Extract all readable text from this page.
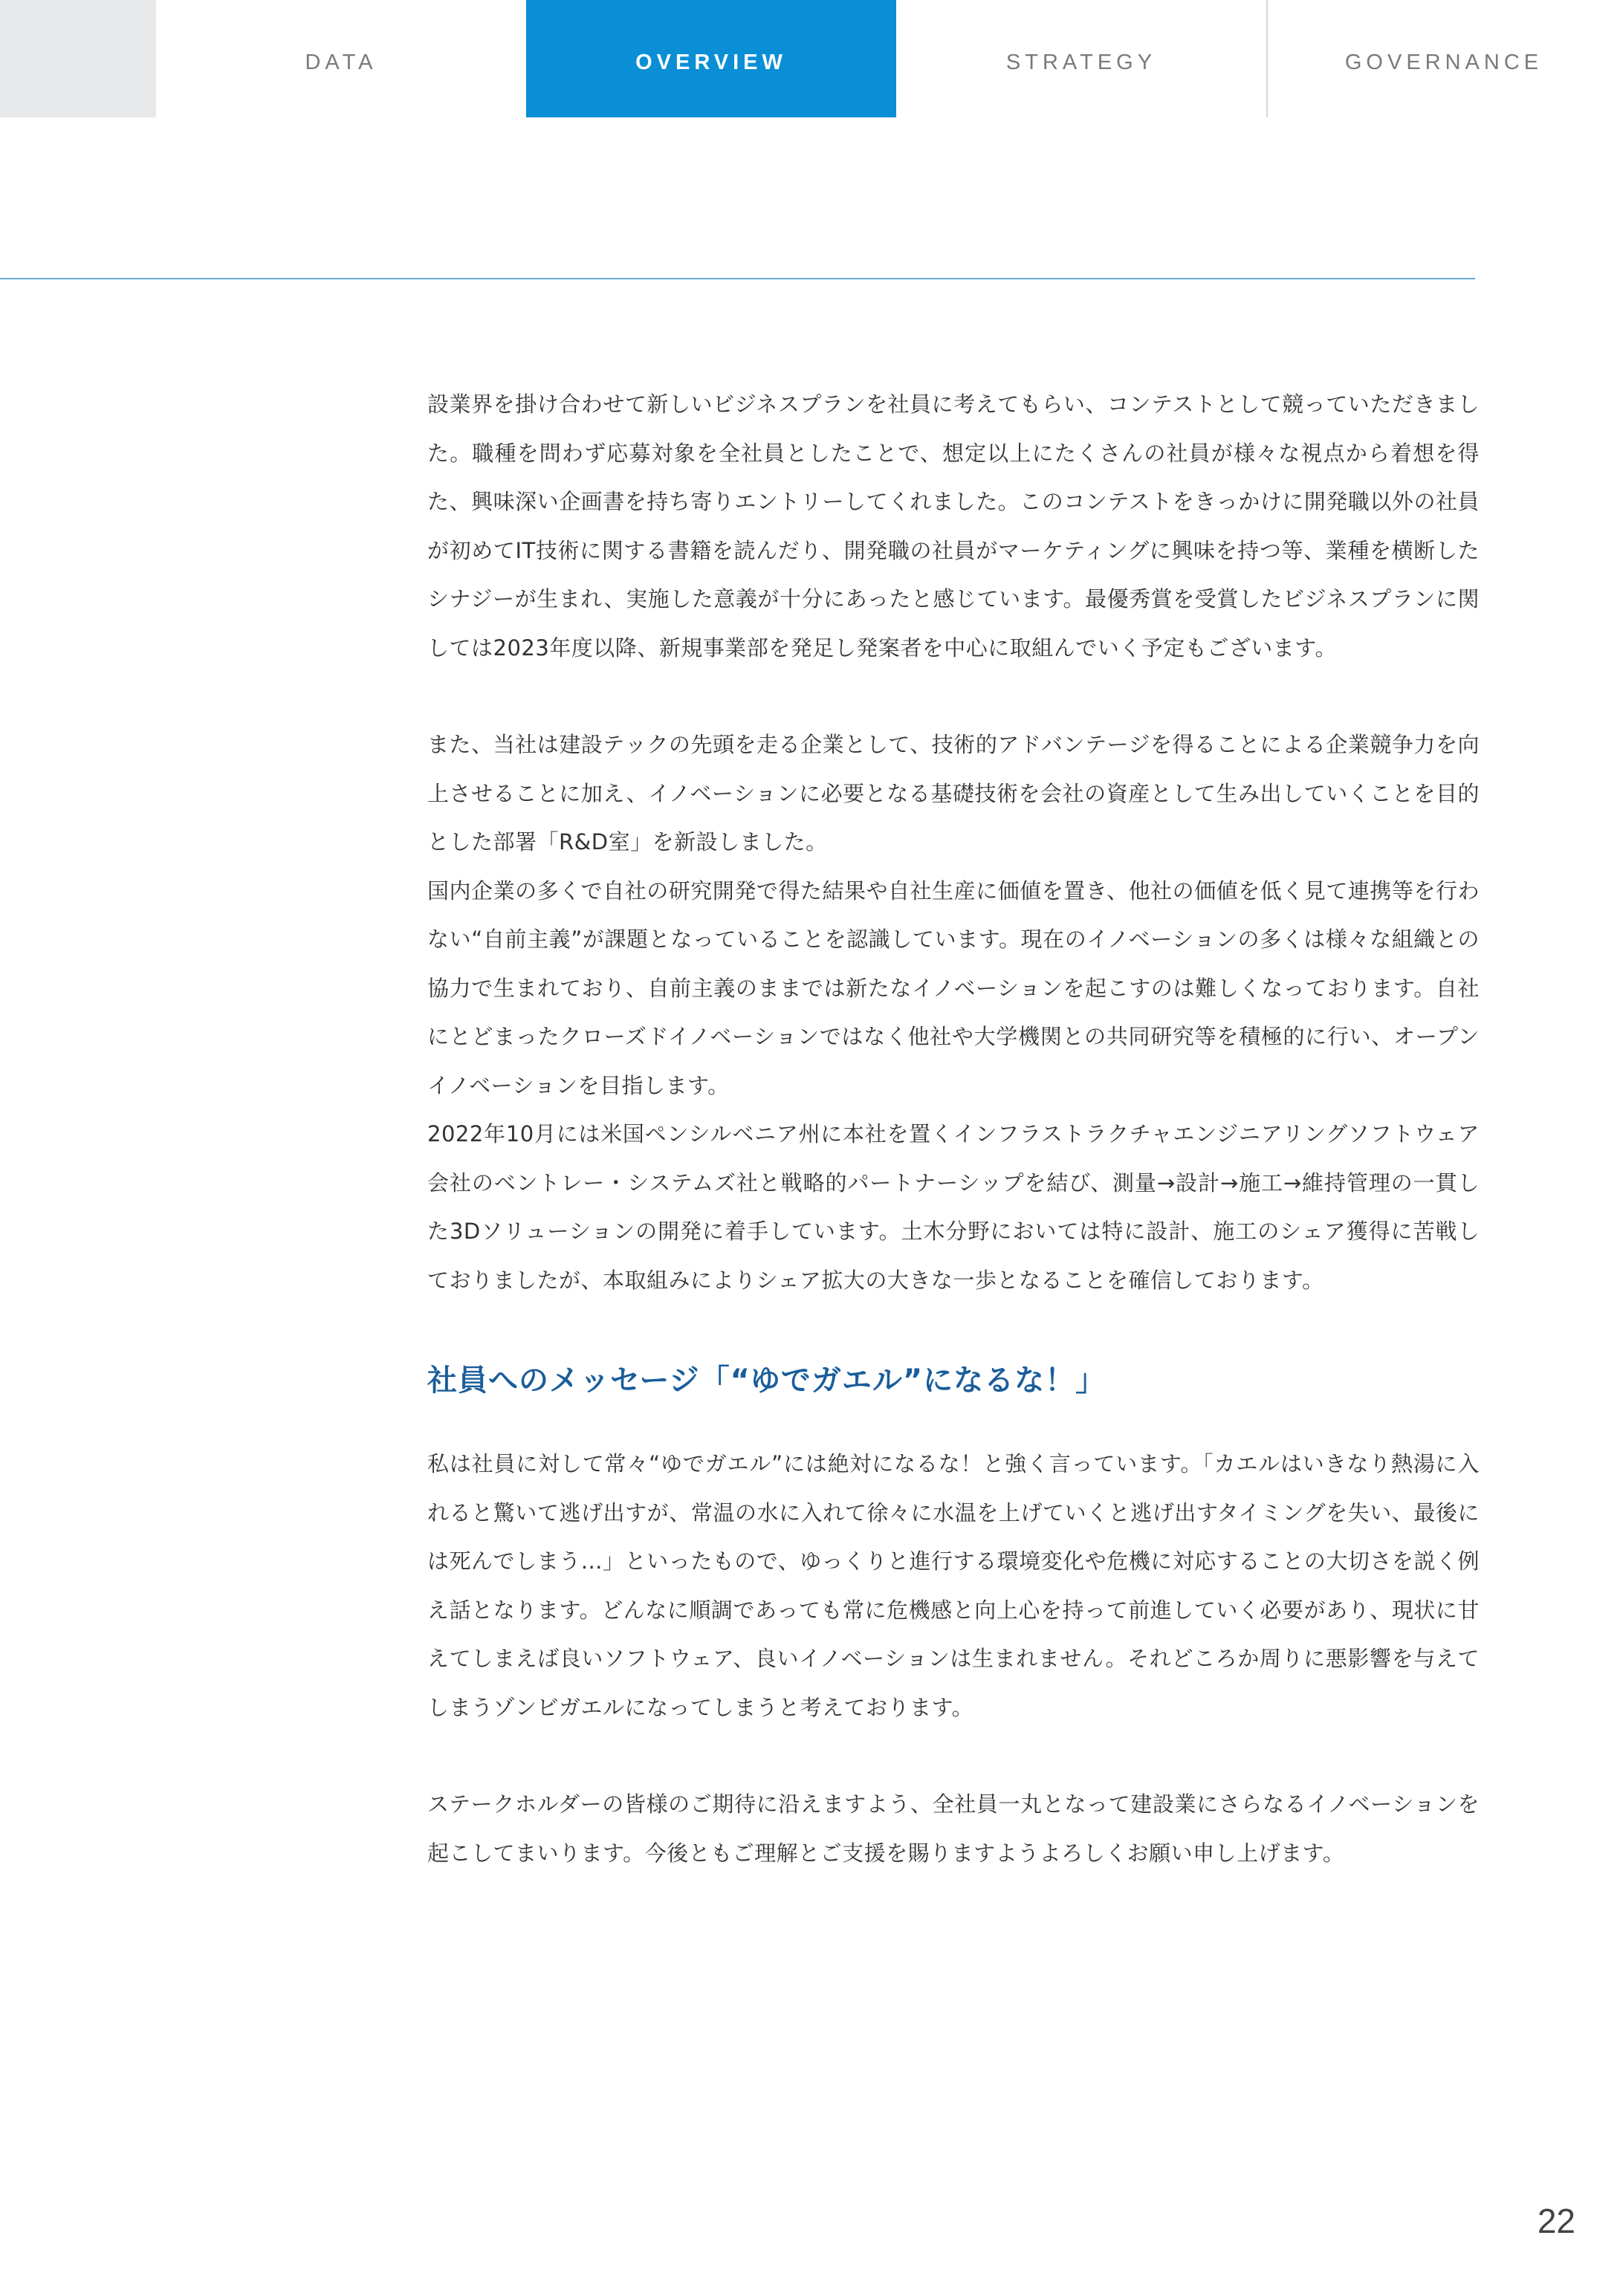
DATA	OVERVIEW	STRATEGY	GOVERNANCE

設業界を掛け合わせて新しいビジネスプランを社員に考えてもらい、コンテストとして競っていただきました。職種を問わず応募対象を全社員としたことで、想定以上にたくさんの社員が様々な視点から着想を得た、興味深い企画書を持ち寄りエントリーしてくれました。このコンテストをきっかけに開発職以外の社員が初めてIT技術に関する書籍を読んだり、開発職の社員がマーケティングに興味を持つ等、業種を横断したシナジーが生まれ、実施した意義が十分にあったと感じています。最優秀賞を受賞したビジネスプランに関しては2023年度以降、新規事業部を発足し発案者を中心に取組んでいく予定もございます。

また、当社は建設テックの先頭を走る企業として、技術的アドバンテージを得ることによる企業競争力を向上させることに加え、イノベーションに必要となる基礎技術を会社の資産として生み出していくことを目的とした部署「R&D室」を新設しました。

国内企業の多くで自社の研究開発で得た結果や自社生産に価値を置き、他社の価値を低く見て連携等を行わない“自前主義”が課題となっていることを認識しています。現在のイノベーションの多くは様々な組織との協力で生まれており、自前主義のままでは新たなイノベーションを起こすのは難しくなっております。自社にとどまったクローズドイノベーションではなく他社や大学機関との共同研究等を積極的に行い、オープンイノベーションを目指します。

2022年10月には米国ペンシルベニア州に本社を置くインフラストラクチャエンジニアリングソフトウェア会社のベントレー・システムズ社と戦略的パートナーシップを結び、測量→設計→施工→維持管理の一貫した3Dソリューションの開発に着手しています。土木分野においては特に設計、施工のシェア獲得に苦戦しておりましたが、本取組みによりシェア拡大の大きな一歩となることを確信しております。

社員へのメッセージ「“ゆでガエル”になるな！」

私は社員に対して常々“ゆでガエル”には絶対になるな！と強く言っています。「カエルはいきなり熱湯に入れると驚いて逃げ出すが、常温の水に入れて徐々に水温を上げていくと逃げ出すタイミングを失い、最後には死んでしまう…」といったもので、ゆっくりと進行する環境変化や危機に対応することの大切さを説く例え話となります。どんなに順調であっても常に危機感と向上心を持って前進していく必要があり、現状に甘えてしまえば良いソフトウェア、良いイノベーションは生まれません。それどころか周りに悪影響を与えてしまうゾンビガエルになってしまうと考えております。

ステークホルダーの皆様のご期待に沿えますよう、全社員一丸となって建設業にさらなるイノベーションを起こしてまいります。今後ともご理解とご支援を賜りますようよろしくお願い申し上げます。

22
